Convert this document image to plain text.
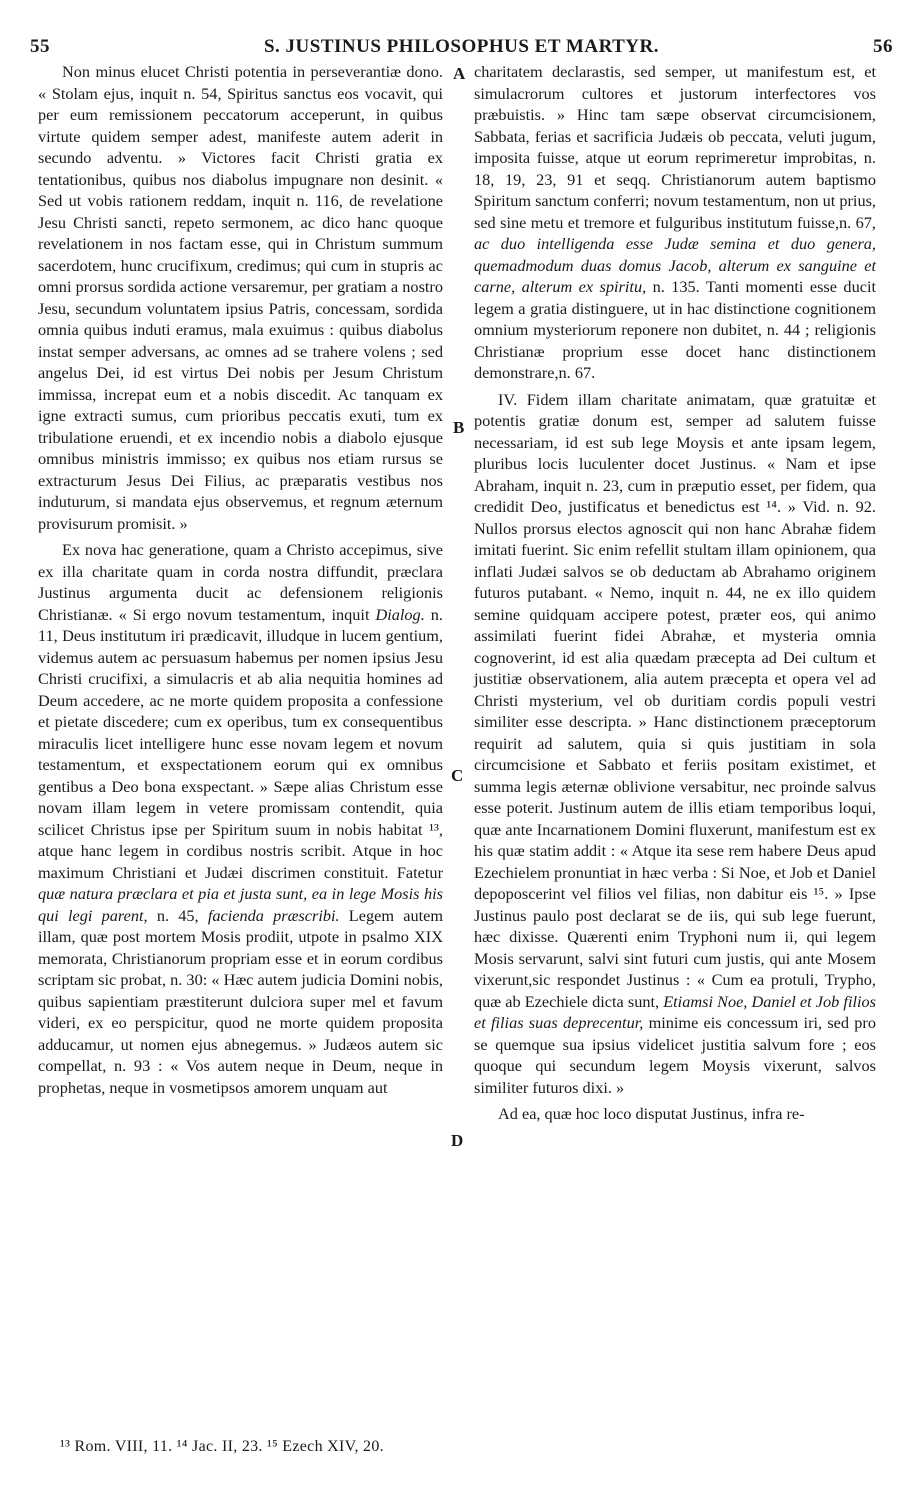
55	S. JUSTINUS PHILOSOPHUS ET MARTYR.	56

Non minus elucet Christi potentia in perseverantiæ dono. « Stolam ejus, inquit n. 54, Spiritus sanctus eos vocavit, qui per eum remissionem peccatorum acceperunt, in quibus virtute quidem semper adest, manifeste autem aderit in secundo adventu. » Victores facit Christi gratia ex tentationibus, quibus nos diabolus impugnare non desinit. « Sed ut vobis rationem reddam, inquit n. 116, de revelatione Jesu Christi sancti, repeto sermonem, ac dico hanc quoque revelationem in nos factam esse, qui in Christum summum sacerdotem, hunc crucifixum, credimus; qui cum in stupris ac omni prorsus sordida actione versaremur, per gratiam a nostro Jesu, secundum voluntatem ipsius Patris, concessam, sordida omnia quibus induti eramus, mala exuimus : quibus diabolus instat semper adversans, ac omnes ad se trahere volens ; sed angelus Dei, id est virtus Dei nobis per Jesum Christum immissa, increpat eum et a nobis discedit. Ac tanquam ex igne extracti sumus, cum prioribus peccatis exuti, tum ex tribulatione eruendi, et ex incendio nobis a diabolo ejusque omnibus ministris immisso; ex quibus nos etiam rursus se extracturum Jesus Dei Filius, ac præparatis vestibus nos induturum, si mandata ejus observemus, et regnum æternum provisurum promisit. »

Ex nova hac generatione, quam a Christo accepimus, sive ex illa charitate quam in corda nostra diffundit, præclara Justinus argumenta ducit ac defensionem religionis Christianæ. « Si ergo novum testamentum, inquit Dialog. n. 11, Deus institutum iri prædicavit, illudque in lucem gentium, videmus autem ac persuasum habemus per nomen ipsius Jesu Christi crucifixi, a simulacris et ab alia nequitia homines ad Deum accedere, ac ne morte quidem proposita a confessione et pietate discedere; cum ex operibus, tum ex consequentibus miraculis licet intelligere hunc esse novam legem et novum testamentum, et exspectationem eorum qui ex omnibus gentibus a Deo bona exspectant. » Sæpe alias Christum esse novam illam legem in vetere promissam contendit, quia scilicet Christus ipse per Spiritum suum in nobis habitat ¹³, atque hanc legem in cordibus nostris scribit. Atque in hoc maximum Christiani et Judæi discrimen constituit. Fatetur quæ natura præclara et pia et justa sunt, ea in lege Mosis his qui legi parent, n. 45, facienda præscribi. Legem autem illam, quæ post mortem Mosis prodiit, utpote in psalmo XIX memorata, Christianorum propriam esse et in eorum cordibus scriptam sic probat, n. 30: « Hæc autem judicia Domini nobis, quibus sapientiam præstiterunt dulciora super mel et favum videri, ex eo perspicitur, quod ne morte quidem proposita adducamur, ut nomen ejus abnegemus. » Judæos autem sic compellat, n. 93 : « Vos autem neque in Deum, neque in prophetas, neque in vosmetipsos amorem unquam aut

charitatem declarastis, sed semper, ut manifestum est, et simulacrorum cultores et justorum interfectores vos præbuistis. » Hinc tam sæpe observat circumcisionem, Sabbata, ferias et sacrificia Judæis ob peccata, veluti jugum, imposita fuisse, atque ut eorum reprimeretur improbitas, n. 18, 19, 23, 91 et seqq. Christianorum autem baptismo Spiritum sanctum conferri; novum testamentum, non ut prius, sed sine metu et tremore et fulguribus institutum fuisse,n. 67, ac duo intelligenda esse Judæ semina et duo genera, quemadmodum duas domus Jacob, alterum ex sanguine et carne, alterum ex spiritu, n. 135. Tanti momenti esse ducit legem a gratia distinguere, ut in hac distinctione cognitionem omnium mysteriorum reponere non dubitet, n. 44 ; religionis Christianæ proprium esse docet hanc distinctionem demonstrare,n. 67.

IV. Fidem illam charitate animatam, quæ gratuitæ et potentis gratiæ donum est, semper ad salutem fuisse necessariam, id est sub lege Moysis et ante ipsam legem, pluribus locis luculenter docet Justinus. « Nam et ipse Abraham, inquit n. 23, cum in præputio esset, per fidem, qua credidit Deo, justificatus et benedictus est ¹⁴. » Vid. n. 92. Nullos prorsus electos agnoscit qui non hanc Abrahæ fidem imitati fuerint. Sic enim refellit stultam illam opinionem, qua inflati Judæi salvos se ob deductam ab Abrahamo originem futuros putabant. « Nemo, inquit n. 44, ne ex illo quidem semine quidquam accipere potest, præter eos, qui animo assimilati fuerint fidei Abrahæ, et mysteria omnia cognoverint, id est alia quædam præcepta ad Dei cultum et justitiæ observationem, alia autem præcepta et opera vel ad Christi mysterium, vel ob duritiam cordis populi vestri similiter esse descripta. » Hanc distinctionem præceptorum requirit ad salutem, quia si quis justitiam in sola circumcisione et Sabbato et feriis positam existimet, et summa legis æternæ oblivione versabitur, nec proinde salvus esse poterit. Justinum autem de illis etiam temporibus loqui, quæ ante Incarnationem Domini fluxerunt, manifestum est ex his quæ statim addit : « Atque ita sese rem habere Deus apud Ezechielem pronuntiat in hæc verba : Si Noe, et Job et Daniel depoposcerint vel filios vel filias, non dabitur eis ¹⁵. » Ipse Justinus paulo post declarat se de iis, qui sub lege fuerunt, hæc dixisse. Quærenti enim Tryphoni num ii, qui legem Mosis servarunt, salvi sint futuri cum justis, qui ante Mosem vixerunt,sic respondet Justinus : « Cum ea protuli, Trypho, quæ ab Ezechiele dicta sunt, Etiamsi Noe, Daniel et Job filios et filias suas deprecentur, minime eis concessum iri, sed pro se quemque sua ipsius videlicet justitia salvum fore ; eos quoque qui secundum legem Moysis vixerunt, salvos similiter futuros dixi. »

Ad ea, quæ hoc loco disputat Justinus, infra re-

A
B
C
D
¹³ Rom. VIII, 11. ¹⁴ Jac. II, 23. ¹⁵ Ezech XIV, 20.
